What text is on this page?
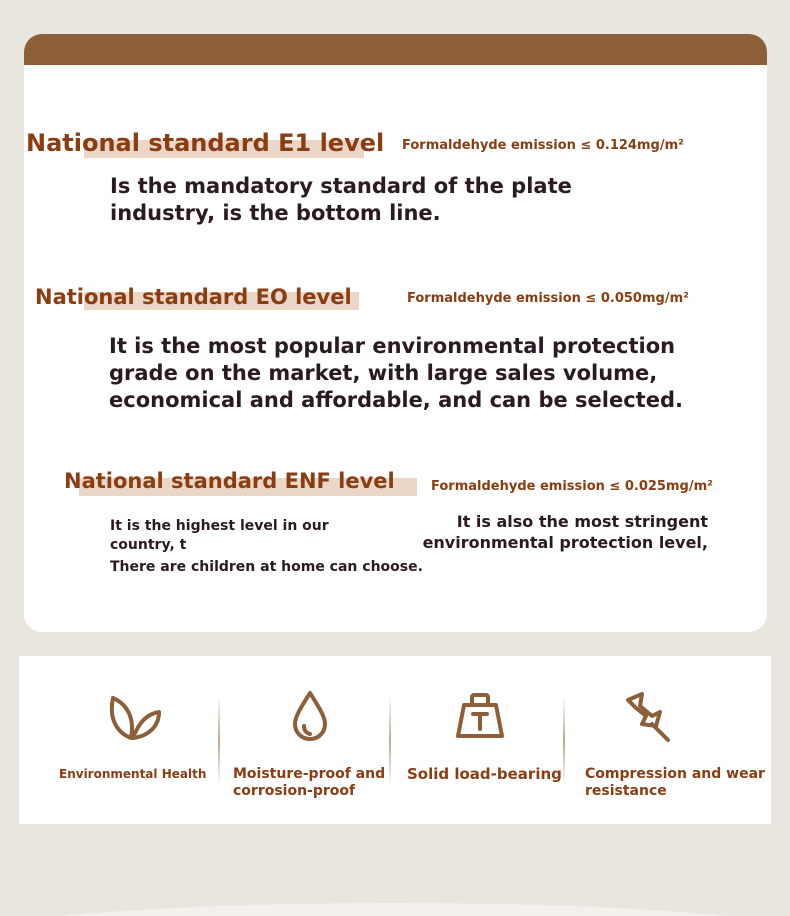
National standard E1 level Formaldehyde emission ≤ 0.124mg/m²
Is the mandatory standard of the plate industry, is the bottom line.
National standard EO level	Formaldehyde emission ≤ 0.050mg/m²
It is the most popular environmental protection grade on the market, with large sales volume, economical and affordable, and can be selected.
National standard ENF level	Formaldehyde emission ≤ 0.025mg/m²
It is the highest level in our country, t
There are children at home can choose.
It is also the most stringent environmental protection level,
Environmental Health	Moisture-proof and corrosion-proof
Solid load-bearing	Compression and wear resistance
